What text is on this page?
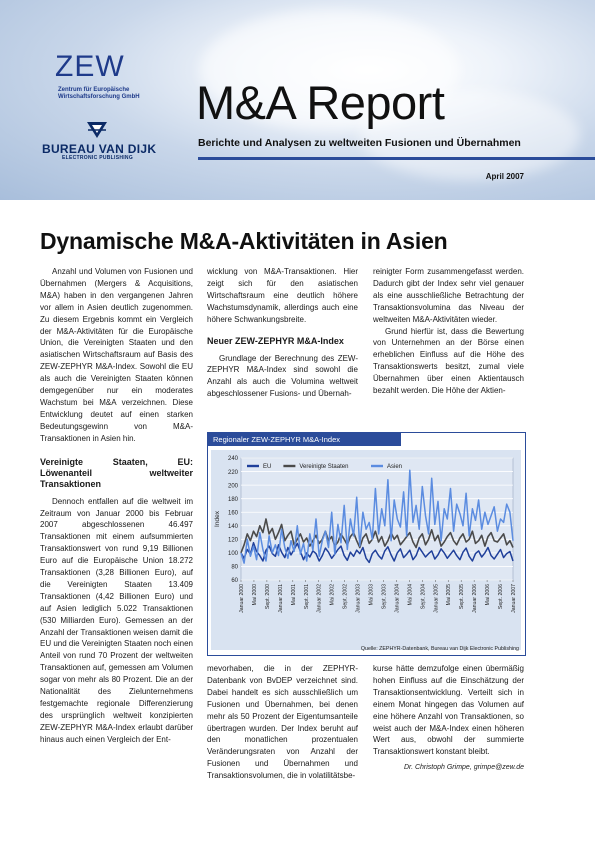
ZEW
Zentrum für Europäische Wirtschaftsforschung GmbH
BUREAU VAN DIJK
ELECTRONIC PUBLISHING
M&A Report
Berichte und Analysen zu weltweiten Fusionen und Übernahmen
April 2007
Dynamische M&A-Aktivitäten in Asien

Anzahl und Volumen von Fusionen und Übernahmen (Mergers & Acquisitions, M&A) haben in den vergangenen Jahren vor allem in Asien deutlich zugenommen. Zu diesem Ergebnis kommt ein Vergleich der M&A-Aktivitäten für die Europäische Union, die Vereinigten Staaten und den asiatischen Wirtschaftsraum auf Basis des ZEW-ZEPHYR M&A-Index. Sowohl die EU als auch die Vereinigten Staaten können demgegenüber nur ein moderates Wachstum bei M&A verzeichnen. Diese Entwicklung deutet auf einen starken Bedeutungsgewinn von M&A-Transaktionen in Asien hin.

Vereinigte Staaten, EU: Löwenanteil weltweiter Transaktionen

Dennoch entfallen auf die weltweit im Zeitraum von Januar 2000 bis Februar 2007 abgeschlossenen 46.497 Transaktionen mit einem aufsummierten Transaktionswert von rund 9,19 Billionen Euro auf die Europäische Union 18.272 Transaktionen (3,28 Billionen Euro), auf die Vereinigten Staaten 13.409 Transaktionen (4,42 Billionen Euro) und auf Asien lediglich 5.022 Transaktionen (530 Milliarden Euro). Gemessen an der Anzahl der Transaktionen weisen damit die EU und die Vereinigten Staaten noch einen Anteil von rund 70 Prozent der weltweiten Transaktionen auf, gemessen am Volumen sogar von mehr als 80 Prozent. Die an der Nationalität des Zielunternehmens festgemachte regionale Differenzierung des ursprünglich weltweit konzipierten ZEW-ZEPHYR M&A-Index erlaubt darüber hinaus auch einen Vergleich der Ent-

wicklung von M&A-Transaktionen. Hier zeigt sich für den asiatischen Wirtschaftsraum eine deutlich höhere Wachstumsdynamik, allerdings auch eine höhere Schwankungsbreite.

Neuer ZEW-ZEPHYR M&A-Index

Grundlage der Berechnung des ZEW-ZEPHYR M&A-Index sind sowohl die Anzahl als auch die Volumina weltweit abgeschlossener Fusions- und Übernah-

mevorhaben, die in der ZEPHYR-Datenbank von BvDEP verzeichnet sind. Dabei handelt es sich ausschließlich um Fusionen und Übernahmen, bei denen mehr als 50 Prozent der Eigentumsanteile übertragen wurden. Der Index beruht auf den monatlichen prozentualen Veränderungsraten von Anzahl der Fusionen und Übernahmen und Transaktionsvolumen, die in volatilitätsbe-

reinigter Form zusammengefasst werden. Dadurch gibt der Index sehr viel genauer als eine ausschließliche Betrachtung der Transaktionsvolumina das Niveau der weltweiten M&A-Aktivitäten wieder.

Grund hierfür ist, dass die Bewertung von Unternehmen an der Börse einen erheblichen Einfluss auf die Höhe des Transaktionswerts besitzt, zumal viele Übernahmen über einen Aktientausch bezahlt werden. Die Höhe der Aktien-

kurse hätte demzufolge einen übermäßig hohen Einfluss auf die Einschätzung der Transaktionsentwicklung. Verteilt sich in einem Monat hingegen das Volumen auf eine höhere Anzahl von Transaktionen, so weist auch der M&A-Index einen höheren Wert aus, obwohl der summierte Transaktionswert konstant bleibt.

Dr. Christoph Grimpe, grimpe@zew.de
Regionaler ZEW-ZEPHYR M&A-Index
60
80
100
120
140
160
180
200
220
240
Index
Januar 2000 Mai 2000 Sept. 2000 Januar 2001 Mai 2001 Sept. 2001 Januar 2002 Mai 2002 Sept. 2002 Januar 2003 Mai 2003 Sept. 2003 Januar 2004 Mai 2004 Sept. 2004 Januar 2005 Mai 2005 Sept. 2005 Januar 2006 Mai 2006 Sept. 2006 Januar 2007
EU	Vereinigte Staaten	Asien
Quelle: ZEPHYR-Datenbank, Bureau van Dijk Electronic Publishing
